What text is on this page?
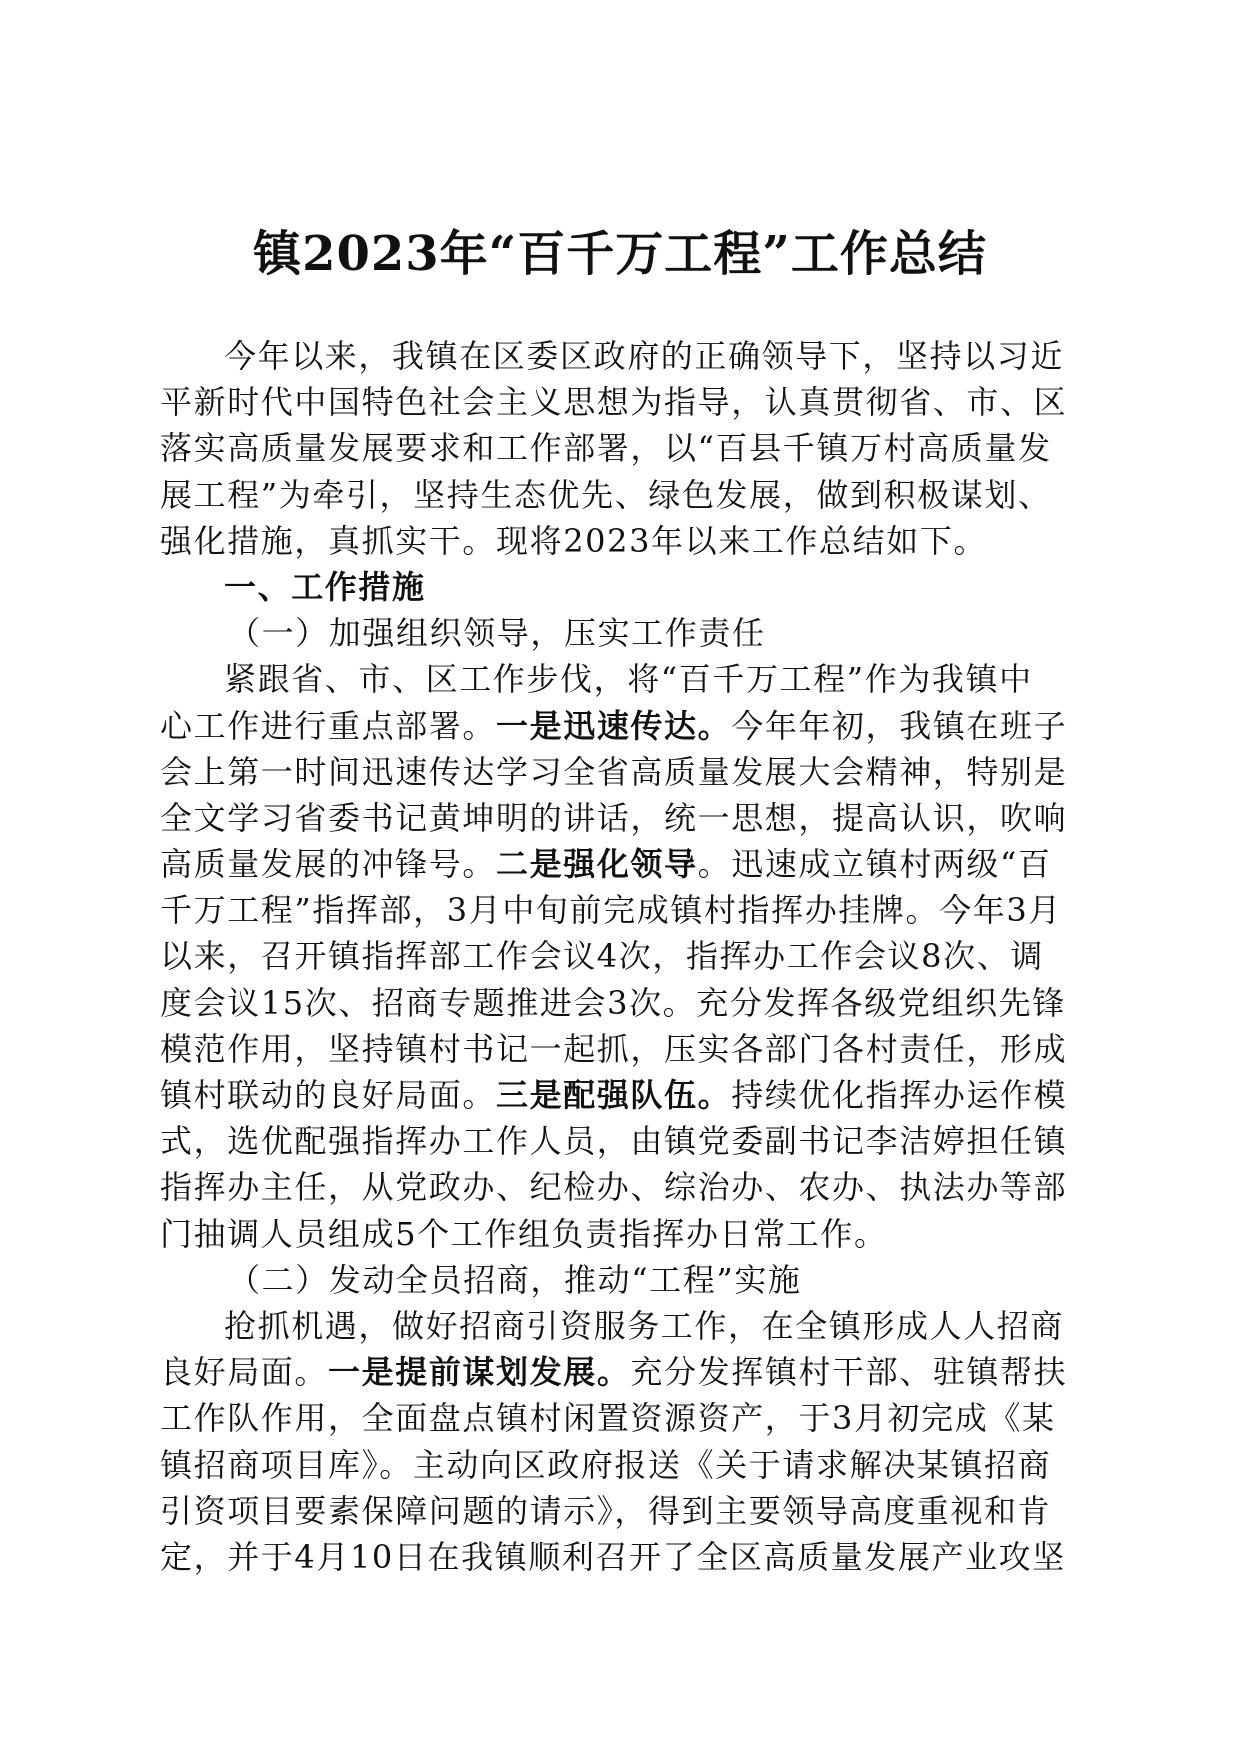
镇2023年“百千万工程”工作总结
今年以来，我镇在区委区政府的正确领导下，坚持以习近
平新时代中国特色社会主义思想为指导，认真贯彻省、市、区
落实高质量发展要求和工作部署，以“百县千镇万村高质量发
展工程”为牵引，坚持生态优先、绿色发展，做到积极谋划、
强化措施，真抓实干。现将2023年以来工作总结如下。
一、工作措施
（一）加强组织领导，压实工作责任
紧跟省、市、区工作步伐，将“百千万工程”作为我镇中
心工作进行重点部署。一是迅速传达。今年年初，我镇在班子
会上第一时间迅速传达学习全省高质量发展大会精神，特别是
全文学习省委书记黄坤明的讲话，统一思想，提高认识，吹响
高质量发展的冲锋号。二是强化领导。迅速成立镇村两级“百
千万工程”指挥部，3月中旬前完成镇村指挥办挂牌。今年3月
以来，召开镇指挥部工作会议4次，指挥办工作会议8次、调
度会议15次、招商专题推进会3次。充分发挥各级党组织先锋
模范作用，坚持镇村书记一起抓，压实各部门各村责任，形成
镇村联动的良好局面。三是配强队伍。持续优化指挥办运作模
式，选优配强指挥办工作人员，由镇党委副书记李洁婷担任镇
指挥办主任，从党政办、纪检办、综治办、农办、执法办等部
门抽调人员组成5个工作组负责指挥办日常工作。
（二）发动全员招商，推动“工程”实施
抢抓机遇，做好招商引资服务工作，在全镇形成人人招商
良好局面。一是提前谋划发展。充分发挥镇村干部、驻镇帮扶
工作队作用，全面盘点镇村闲置资源资产，于3月初完成《某
镇招商项目库》。主动向区政府报送《关于请求解决某镇招商
引资项目要素保障问题的请示》，得到主要领导高度重视和肯
定，并于4月10日在我镇顺利召开了全区高质量发展产业攻坚
